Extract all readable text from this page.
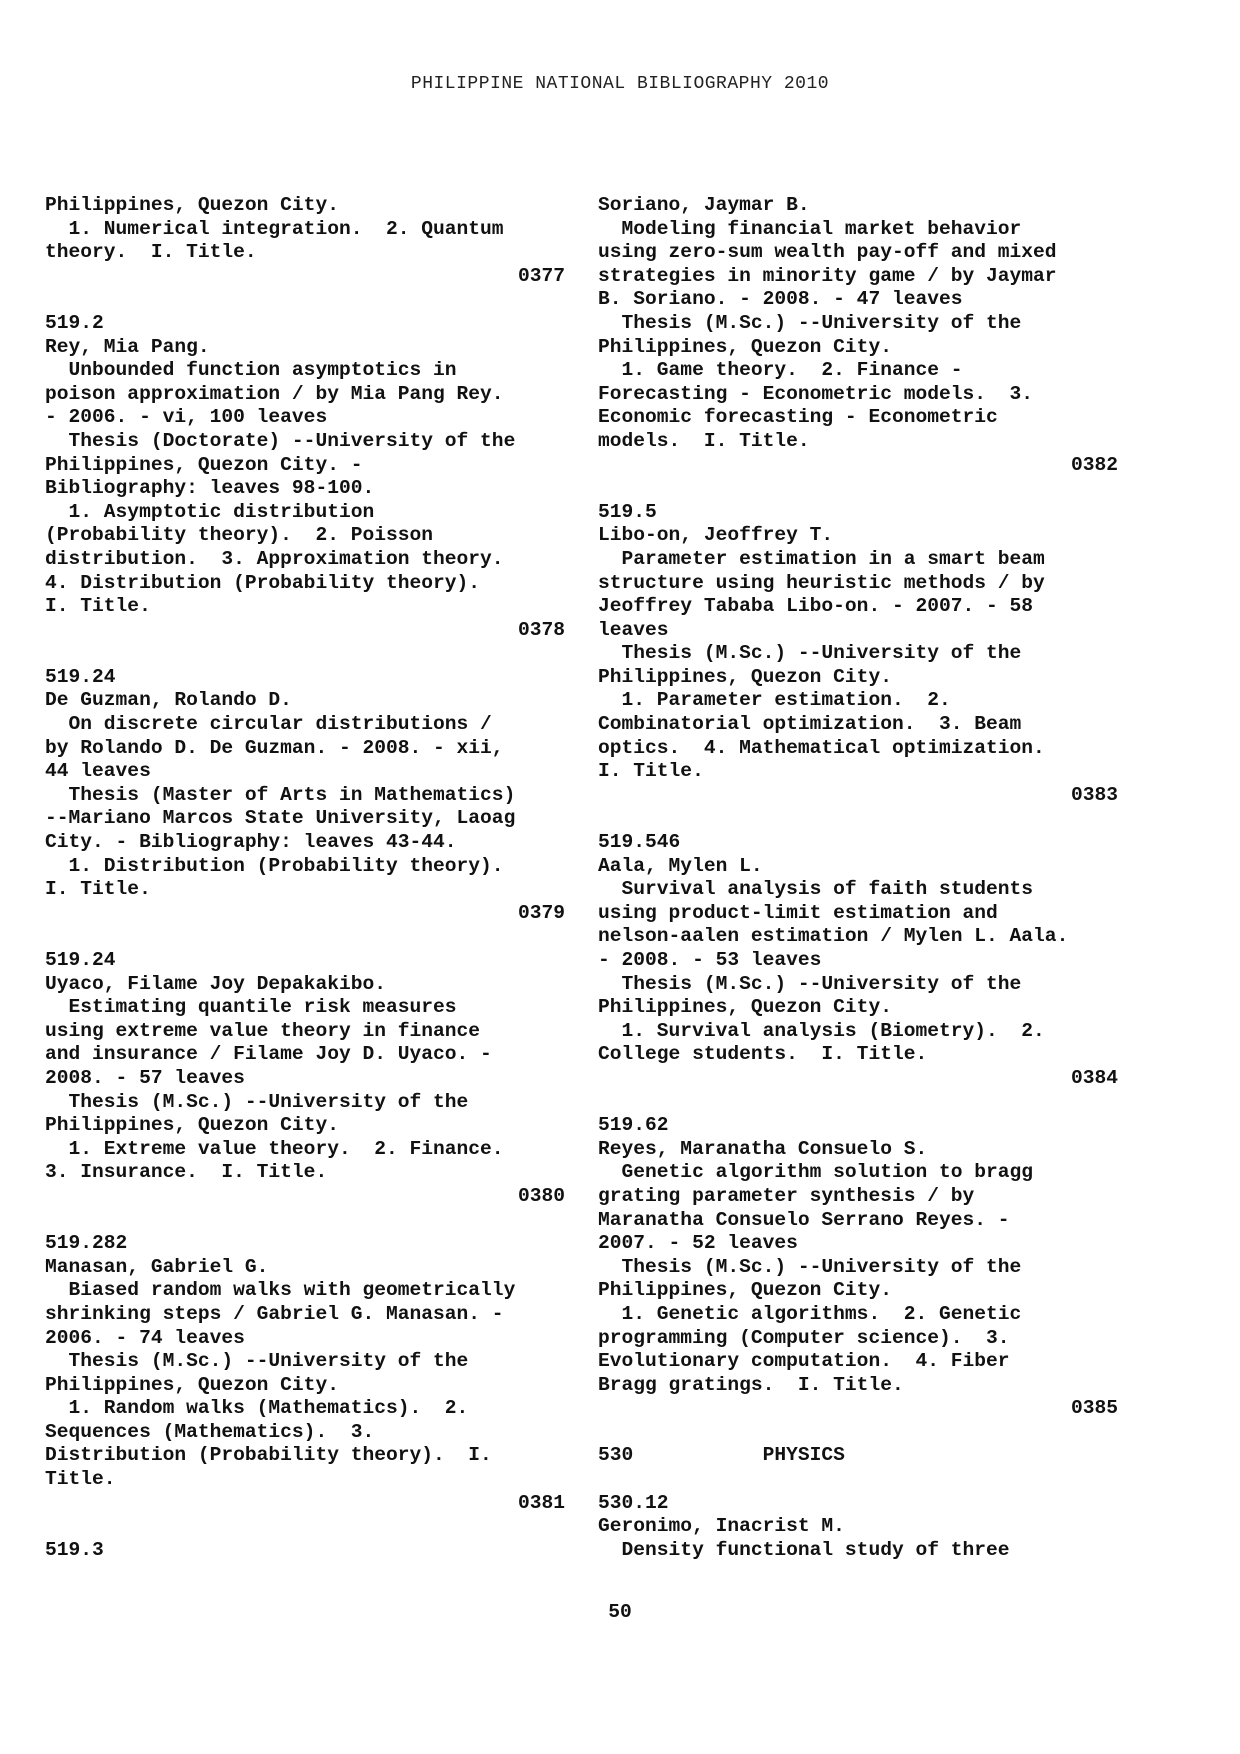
PHILIPPINE NATIONAL BIBLIOGRAPHY 2010
Philippines, Quezon City.
1. Numerical integration.  2. Quantum
theory.  I. Title.
0377
519.2
Rey, Mia Pang.
Unbounded function asymptotics in
poison approximation / by Mia Pang Rey.
- 2006. - vi, 100 leaves
Thesis (Doctorate) --University of the
Philippines, Quezon City. -
Bibliography: leaves 98-100.
1. Asymptotic distribution
(Probability theory).  2. Poisson
distribution.  3. Approximation theory.
4. Distribution (Probability theory).
I. Title.
0378
519.24
De Guzman, Rolando D.
On discrete circular distributions /
by Rolando D. De Guzman. - 2008. - xii,
44 leaves
Thesis (Master of Arts in Mathematics)
--Mariano Marcos State University, Laoag
City. - Bibliography: leaves 43-44.
1. Distribution (Probability theory).
I. Title.
0379
519.24
Uyaco, Filame Joy Depakakibo.
Estimating quantile risk measures
using extreme value theory in finance
and insurance / Filame Joy D. Uyaco. -
2008. - 57 leaves
Thesis (M.Sc.) --University of the
Philippines, Quezon City.
1. Extreme value theory.  2. Finance.
3. Insurance.  I. Title.
0380
519.282
Manasan, Gabriel G.
Biased random walks with geometrically
shrinking steps / Gabriel G. Manasan. -
2006. - 74 leaves
Thesis (M.Sc.) --University of the
Philippines, Quezon City.
1. Random walks (Mathematics).  2.
Sequences (Mathematics).  3.
Distribution (Probability theory).  I.
Title.
0381
519.3
Soriano, Jaymar B.
Modeling financial market behavior
using zero-sum wealth pay-off and mixed
strategies in minority game / by Jaymar
B. Soriano. - 2008. - 47 leaves
Thesis (M.Sc.) --University of the
Philippines, Quezon City.
1. Game theory.  2. Finance -
Forecasting - Econometric models.  3.
Economic forecasting - Econometric
models.  I. Title.
0382
519.5
Libo-on, Jeoffrey T.
Parameter estimation in a smart beam
structure using heuristic methods / by
Jeoffrey Tababa Libo-on. - 2007. - 58
leaves
Thesis (M.Sc.) --University of the
Philippines, Quezon City.
1. Parameter estimation.  2.
Combinatorial optimization.  3. Beam
optics.  4. Mathematical optimization.
I. Title.
0383
519.546
Aala, Mylen L.
Survival analysis of faith students
using product-limit estimation and
nelson-aalen estimation / Mylen L. Aala.
- 2008. - 53 leaves
Thesis (M.Sc.) --University of the
Philippines, Quezon City.
1. Survival analysis (Biometry).  2.
College students.  I. Title.
0384
519.62
Reyes, Maranatha Consuelo S.
Genetic algorithm solution to bragg
grating parameter synthesis / by
Maranatha Consuelo Serrano Reyes. -
2007. - 52 leaves
Thesis (M.Sc.) --University of the
Philippines, Quezon City.
1. Genetic algorithms.  2. Genetic
programming (Computer science).  3.
Evolutionary computation.  4. Fiber
Bragg gratings.  I. Title.
0385
530           PHYSICS
530.12
Geronimo, Inacrist M.
Density functional study of three
50
